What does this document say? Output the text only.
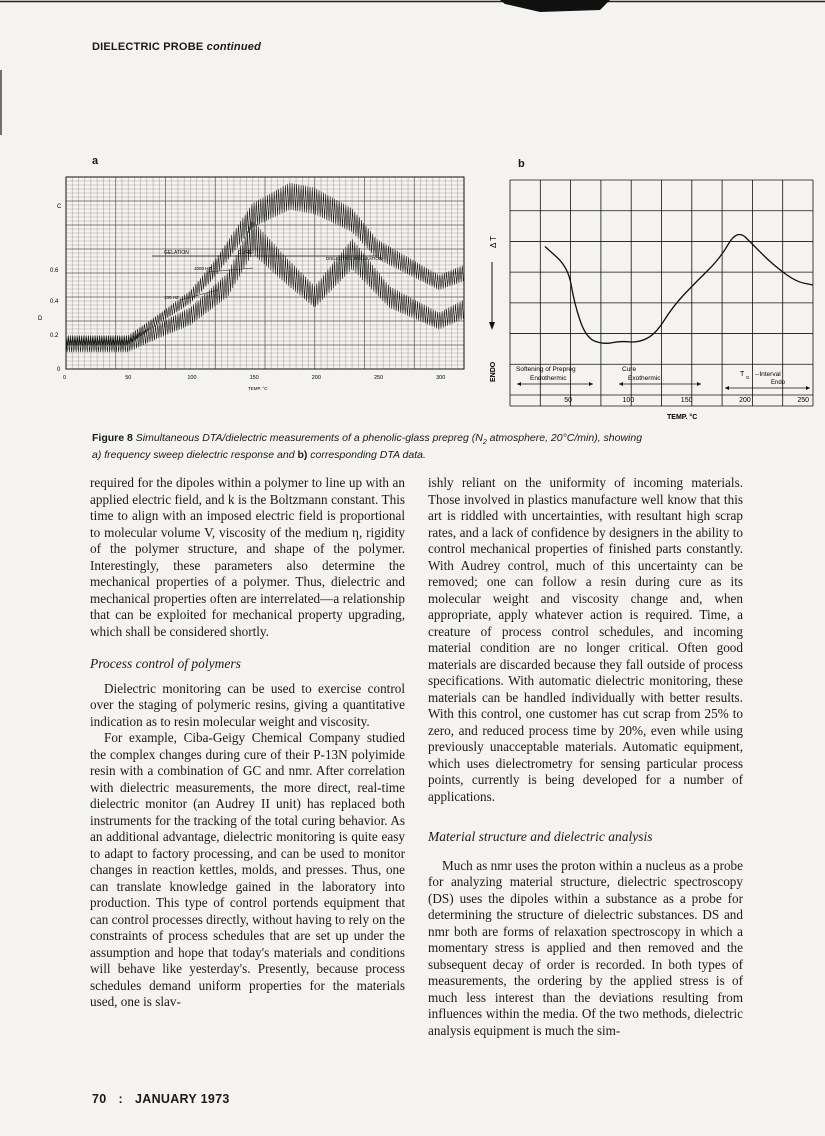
DIELECTRIC PROBE continued
a	b
C
0.6
0.4
0.2
0
D
0	50	100	150	200	250	300
TEMP. °C
GELATION	CURE
DIELECTRIC RELAXATION
1000 HZ
100 HZ
Δ T
ENDO	Softening of Prepreg
Endothermic
Cure
Exothermic
T G --Interval
Endo
50	100	150	200	250
TEMP. °C
Figure 8 Simultaneous DTA/dielectric measurements of a phenolic-glass prepreg ($N_2$ atmosphere, 20°C/min), showing
a) frequency sweep dielectric response and b) corresponding DTA data.

required for the dipoles within a polymer to line up with an applied electric field, and k is the Boltzmann constant. This time to align with an imposed electric field is proportional to molecular volume V, viscosity of the medium η, rigidity of the polymer structure, and shape of the polymer. Interestingly, these parameters also determine the mechanical properties of a polymer. Thus, dielectric and mechanical properties often are interrelated—a relationship that can be exploited for mechanical property upgrading, which shall be considered shortly.

Process control of polymers

Dielectric monitoring can be used to exercise control over the staging of polymeric resins, giving a quantitative indication as to resin molecular weight and viscosity.

For example, Ciba-Geigy Chemical Company studied the complex changes during cure of their P-13N polyimide resin with a combination of GC and nmr. After correlation with dielectric measurements, the more direct, real-time dielectric monitor (an Audrey II unit) has replaced both instruments for the tracking of the total curing behavior. As an additional advantage, dielectric monitoring is quite easy to adapt to factory processing, and can be used to monitor changes in reaction kettles, molds, and presses. Thus, one can translate knowledge gained in the laboratory into production. This type of control portends equipment that can control processes directly, without having to rely on the constraints of process schedules that are set up under the assumption and hope that today's materials and conditions will behave like yesterday's. Presently, because process schedules demand uniform properties for the materials used, one is slav-

ishly reliant on the uniformity of incoming materials. Those involved in plastics manufacture well know that this art is riddled with uncertainties, with resultant high scrap rates, and a lack of confidence by designers in the ability to control mechanical properties of finished parts constantly. With Audrey control, much of this uncertainty can be removed; one can follow a resin during cure as its molecular weight and viscosity change and, when appropriate, apply whatever action is required. Time, a creature of process control schedules, and incoming material condition are no longer critical. Often good materials are discarded because they fall outside of process specifications. With automatic dielectric monitoring, these materials can be handled individually with better results. With this control, one customer has cut scrap from 25% to zero, and reduced process time by 20%, even while using previously unacceptable materials. Automatic equipment, which uses dielectrometry for sensing particular process points, currently is being developed for a number of applications.

Material structure and dielectric analysis

Much as nmr uses the proton within a nucleus as a probe for analyzing material structure, dielectric spectroscopy (DS) uses the dipoles within a substance as a probe for determining the structure of dielectric substances. DS and nmr both are forms of relaxation spectroscopy in which a momentary stress is applied and then removed and the subsequent decay of order is recorded. In both types of measurements, the ordering by the applied stress is of much less interest than the deviations resulting from influences within the media. Of the two methods, dielectric analysis equipment is much the sim-

70 : JANUARY 1973
